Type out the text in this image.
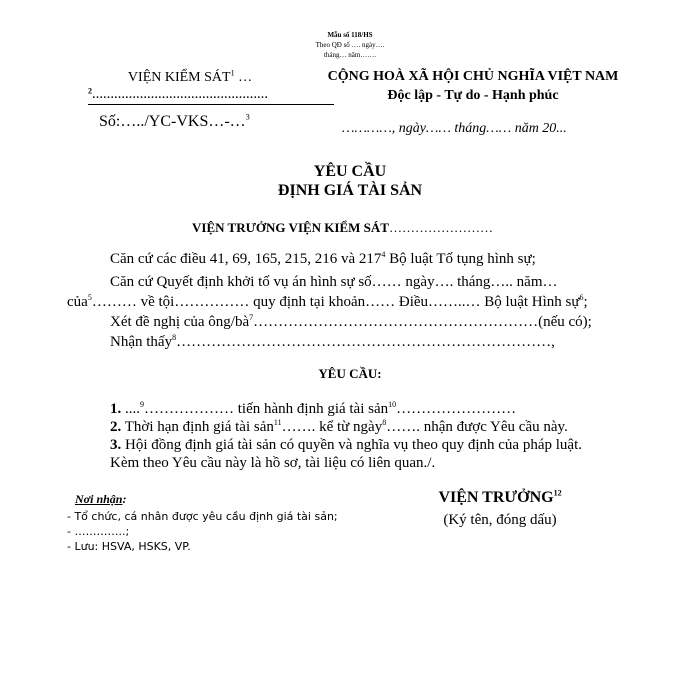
Mẫu số 118/HS
Theo QĐ số …. ngày….
tháng… năm…….
VIỆN KIỂM SÁT$^1$ …
$^2$…………………………………………
Số:…../YC-VKS…-…$^3$
CỘNG HOÀ XÃ HỘI CHỦ NGHĨA VIỆT NAM
Độc lập - Tự do - Hạnh phúc
…………, ngày…… tháng…… năm 20...
YÊU CẦU
ĐỊNH GIÁ TÀI SẢN
VIỆN TRƯỞNG VIỆN KIỂM SÁT……………………
Căn cứ các điều 41, 69, 165, 215, 216 và $217^4$ Bộ luật Tố tụng hình sự;
Căn cứ Quyết định khởi tố vụ án hình sự số…… ngày…. tháng….. năm…
của$^5$……… về tội…………… quy định tại khoản…… Điều……..… Bộ luật Hình sự$^6$;
Xét đề nghị của ông/$bà^7\dots\dots\dots\dots\dots\dots\dots\dots\dots\dots\dots\dots\dots\dots\dots\dots\dots\dots\dots(nếu$ có);
Nhận thấy$^8$…………………………………………………………………,
YÊU CẦU:
1. ....$^9$……………… tiến hành định giá tài sản$^{10}$……………………
2. Thời hạn định giá tài sản$^{11}$……. kể từ ngày$^8$……. nhận được Yêu cầu này.
3. Hội đồng định giá tài sản có quyền và nghĩa vụ theo quy định của pháp luật.
Kèm theo Yêu cầu này là hồ sơ, tài liệu có liên quan./.
Nơi nhận:
- Tổ chức, cá nhân được yêu cầu định giá tài sản;
- …………..;
- Lưu: HSVA, HSKS, VP.
VIỆN TRƯỞNG$^{12}$
(Ký tên, đóng dấu)
